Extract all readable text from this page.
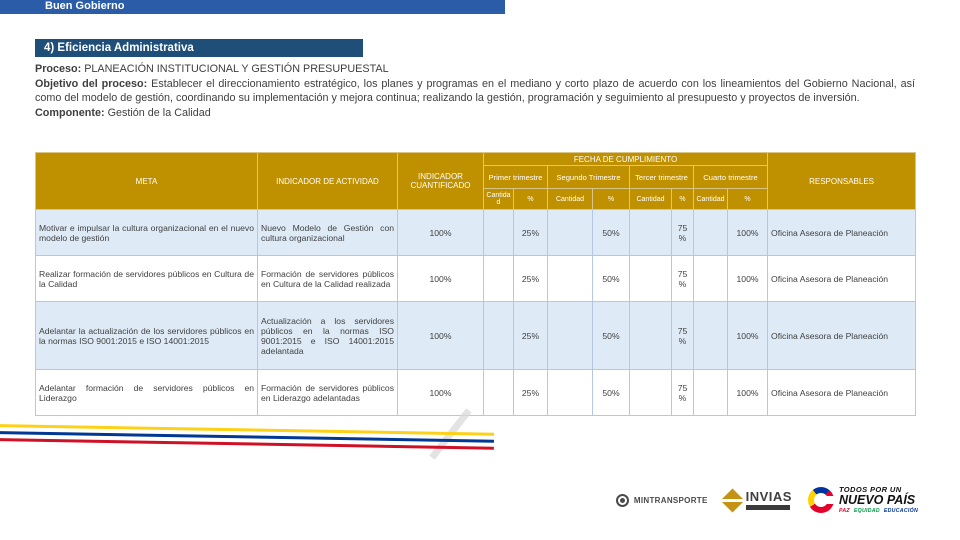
Buen Gobierno
4) Eficiencia Administrativa

Proceso: PLANEACIÓN INSTITUCIONAL Y GESTIÓN PRESUPUESTAL

Objetivo del proceso: Establecer el direccionamiento estratégico, los planes y programas en el mediano y corto plazo de acuerdo con los lineamientos del Gobierno Nacional, así como del modelo de gestión, coordinando su implementación y mejora continua; realizando la gestión, programación y seguimiento al presupuesto y proyectos de inversión.

Componente: Gestión de la Calidad

META	INDICADOR DE ACTIVIDAD	INDICADOR CUANTIFICADO	FECHA DE CUMPLIMIENTO								RESPONSABLES
			Primer trimestre		Segundo Trimestre		Tercer trimestre		Cuarto trimestre		
			Cantidad	%	Cantidad	%	Cantidad	%	Cantidad	%	
Motivar e impulsar la cultura organizacional en el nuevo modelo de gestión	Nuevo Modelo de Gestión con cultura organizacional	100%		25%		50%		75 %		100%	Oficina Asesora de Planeación
Realizar formación de servidores públicos en Cultura de la Calidad	Formación de servidores públicos en Cultura de la Calidad realizada	100%		25%		50%		75 %		100%	Oficina Asesora de Planeación
Adelantar la actualización de los servidores públicos en la normas ISO 9001:2015 e ISO 14001:2015	Actualización a los servidores públicos en la normas ISO 9001:2015 e ISO 14001:2015 adelantada	100%		25%		50%		75 %		100%	Oficina Asesora de Planeación
Adelantar formación de servidores públicos en Liderazgo	Formación de servidores públicos en Liderazgo adelantadas	100%		25%		50%		75 %		100%	Oficina Asesora de Planeación
MINTRANSPORTE	INVIAS	TODOS POR UN
NUEVO PAÍS
PAZ EQUIDAD EDUCACIÓN
